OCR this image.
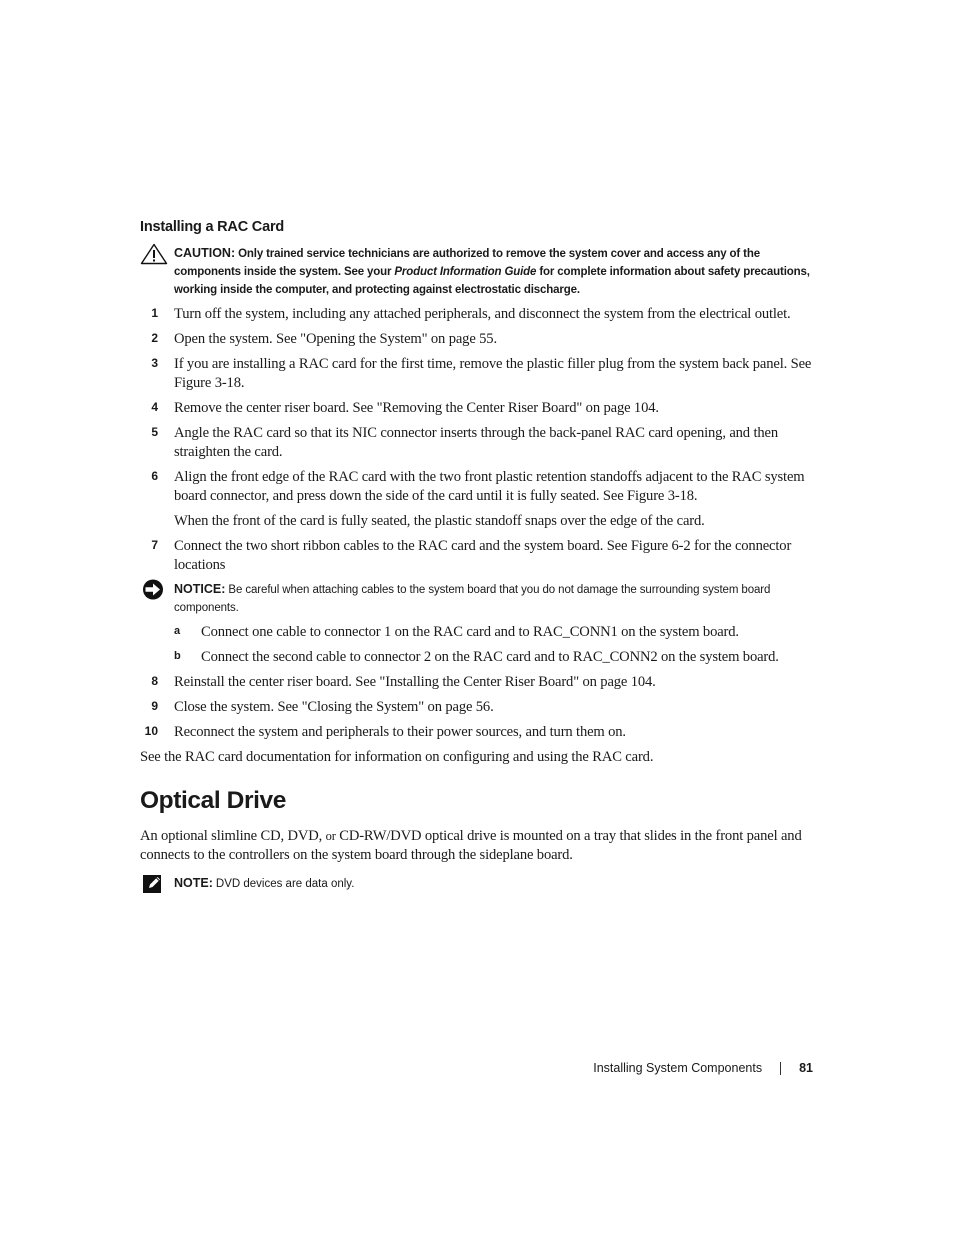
Installing a RAC Card
CAUTION: Only trained service technicians are authorized to remove the system cover and access any of the components inside the system. See your Product Information Guide for complete information about safety precautions, working inside the computer, and protecting against electrostatic discharge.
1 Turn off the system, including any attached peripherals, and disconnect the system from the electrical outlet.
2 Open the system. See "Opening the System" on page 55.
3 If you are installing a RAC card for the first time, remove the plastic filler plug from the system back panel. See Figure 3-18.
4 Remove the center riser board. See "Removing the Center Riser Board" on page 104.
5 Angle the RAC card so that its NIC connector inserts through the back-panel RAC card opening, and then straighten the card.
6 Align the front edge of the RAC card with the two front plastic retention standoffs adjacent to the RAC system board connector, and press down the side of the card until it is fully seated. See Figure 3-18.
When the front of the card is fully seated, the plastic standoff snaps over the edge of the card.
7 Connect the two short ribbon cables to the RAC card and the system board. See Figure 6-2 for the connector locations
NOTICE: Be careful when attaching cables to the system board that you do not damage the surrounding system board components.
a Connect one cable to connector 1 on the RAC card and to RAC_CONN1 on the system board.
b Connect the second cable to connector 2 on the RAC card and to RAC_CONN2 on the system board.
8 Reinstall the center riser board. See "Installing the Center Riser Board" on page 104.
9 Close the system. See "Closing the System" on page 56.
10 Reconnect the system and peripherals to their power sources, and turn them on.

See the RAC card documentation for information on configuring and using the RAC card.

Optical Drive

An optional slimline CD, DVD, or CD-RW/DVD optical drive is mounted on a tray that slides in the front panel and connects to the controllers on the system board through the sideplane board.

NOTE: DVD devices are data only.
Installing System Components	81
